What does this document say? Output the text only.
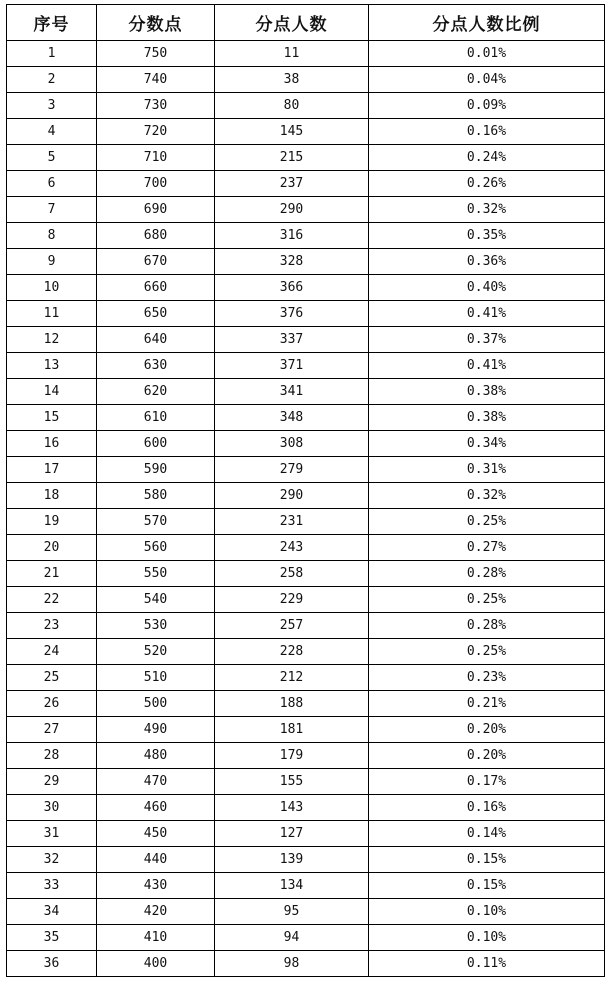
序号	分数点	分点人数	分点人数比例
1	750	11	0.01%
2	740	38	0.04%
3	730	80	0.09%
4	720	145	0.16%
5	710	215	0.24%
6	700	237	0.26%
7	690	290	0.32%
8	680	316	0.35%
9	670	328	0.36%
10	660	366	0.40%
11	650	376	0.41%
12	640	337	0.37%
13	630	371	0.41%
14	620	341	0.38%
15	610	348	0.38%
16	600	308	0.34%
17	590	279	0.31%
18	580	290	0.32%
19	570	231	0.25%
20	560	243	0.27%
21	550	258	0.28%
22	540	229	0.25%
23	530	257	0.28%
24	520	228	0.25%
25	510	212	0.23%
26	500	188	0.21%
27	490	181	0.20%
28	480	179	0.20%
29	470	155	0.17%
30	460	143	0.16%
31	450	127	0.14%
32	440	139	0.15%
33	430	134	0.15%
34	420	95	0.10%
35	410	94	0.10%
36	400	98	0.11%
